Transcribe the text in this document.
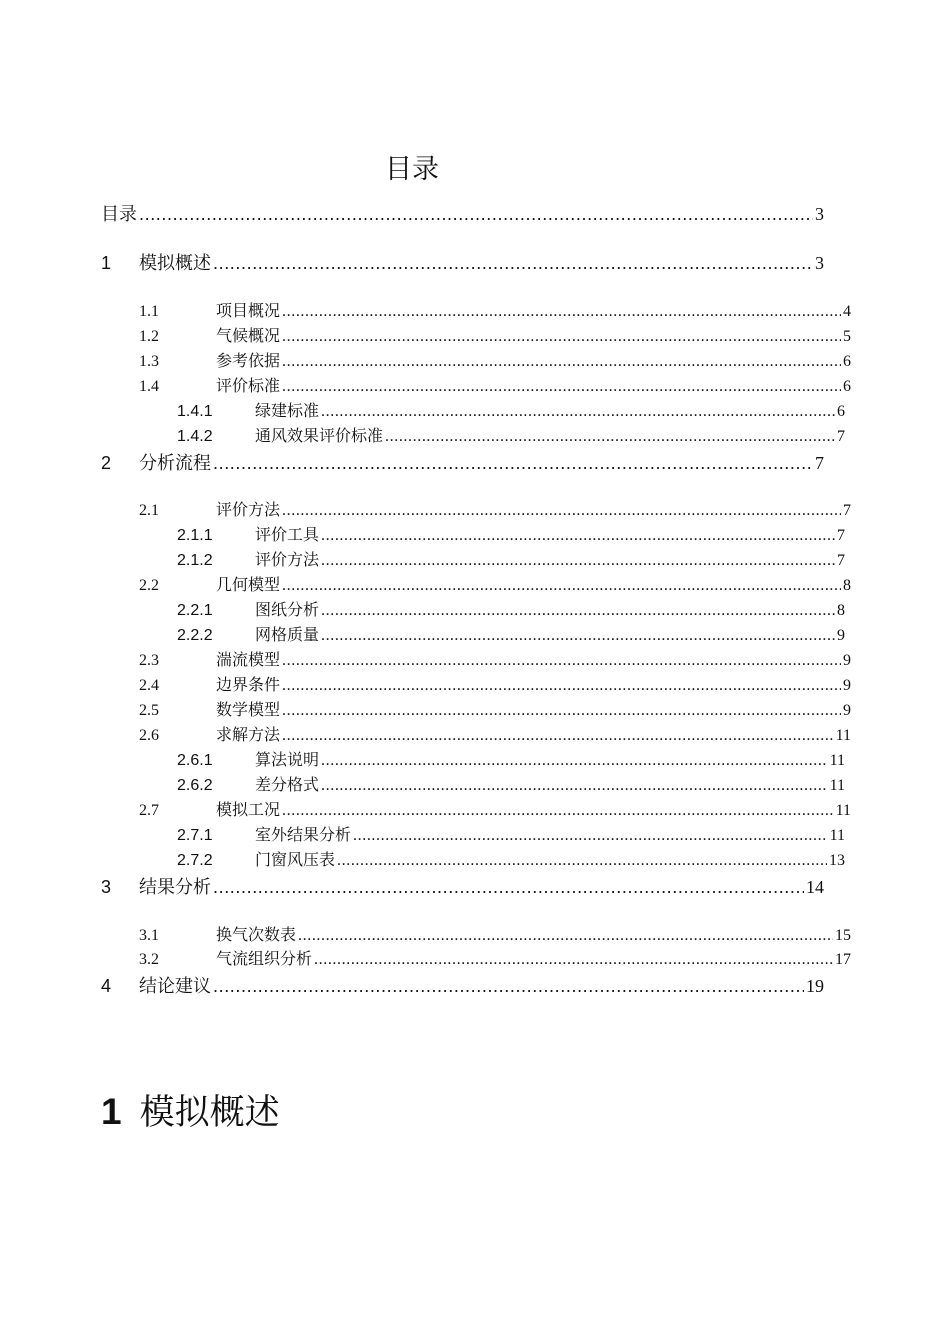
目录
目录 .....	3
1	模拟概述 .....	3
1.1	项目概况 .....	4
1.2	气候概况 .....	5
1.3	参考依据 .....	6
1.4	评价标准 .....	6
1.4.1	绿建标准 .....	6
1.4.2	通风效果评价标准 .....	7
2	分析流程 .....	7
2.1	评价方法 .....	7
2.1.1	评价工具 .....	7
2.1.2	评价方法 .....	7
2.2	几何模型 .....	8
2.2.1	图纸分析 .....	8
2.2.2	网格质量 .....	9
2.3	湍流模型 .....	9
2.4	边界条件 .....	9
2.5	数学模型 .....	9
2.6	求解方法 .....	11
2.6.1	算法说明 .....	11
2.6.2	差分格式 .....	11
2.7	模拟工况 .....	11
2.7.1	室外结果分析 .....	11
2.7.2	门窗风压表 .....	13
3	结果分析 .....	14
3.1	换气次数表 .....	15
3.2	气流组织分析 .....	17
4	结论建议 .....	19
1 模拟概述
